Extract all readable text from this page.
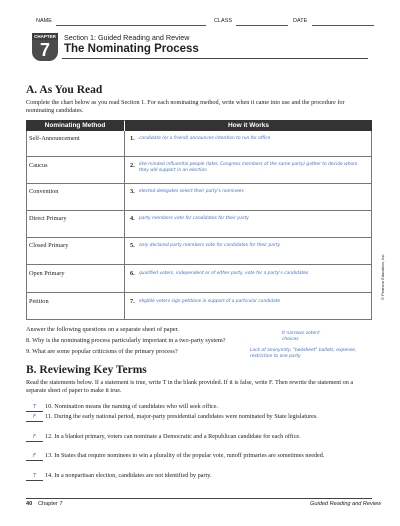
NAME	CLASS	DATE
CHAPTER
7
Section 1: Guided Reading and Review
The Nominating Process
A. As You Read
Complete the chart below as you read Section 1. For each nominating method, write when it came into use and the procedure for nominating candidates.
Nominating Method	How it Works
Self-Announcement	1. candidate (or a friend) announces intention to run for office
Caucus	2. like-minded influential people (later, Congress members of the same party) gather to decide whom they will support in an election
Convention	3. elected delegates select their party's nominees
Direct Primary	4. party members vote for candidates for their party
Closed Primary	5. only declared party members vote for candidates for their party
Open Primary	6. qualified voters, independent or of either party, vote for a party's candidates
Petition	7. eligible voters sign petitions in support of a particular candidate
Answer the following questions on a separate sheet of paper.
8. Why is the nominating process particularly important in a two-party system?
It narrows voters' choices
9. What are some popular criticisms of the primary process?	Lack of anonymity, "bedsheet" ballots, expense, restriction to one party
B. Reviewing Key Terms
Read the statements below. If a statement is true, write T in the blank provided. If it is false, write F. Then rewrite the statement on a separate sheet of paper to make it true.
T 10. Nomination means the naming of candidates who will seek office.
F 11. During the early national period, major-party presidential candidates were nominated by State legislatures.
F 12. In a blanket primary, voters can nominate a Democratic and a Republican candidate for each office.
F 13. In States that require nominees to win a plurality of the popular vote, runoff primaries are sometimes needed.
T 14. In a nonpartisan election, candidates are not identified by party.
© Pearson Education, Inc.
40 Chapter 7	Guided Reading and Review
